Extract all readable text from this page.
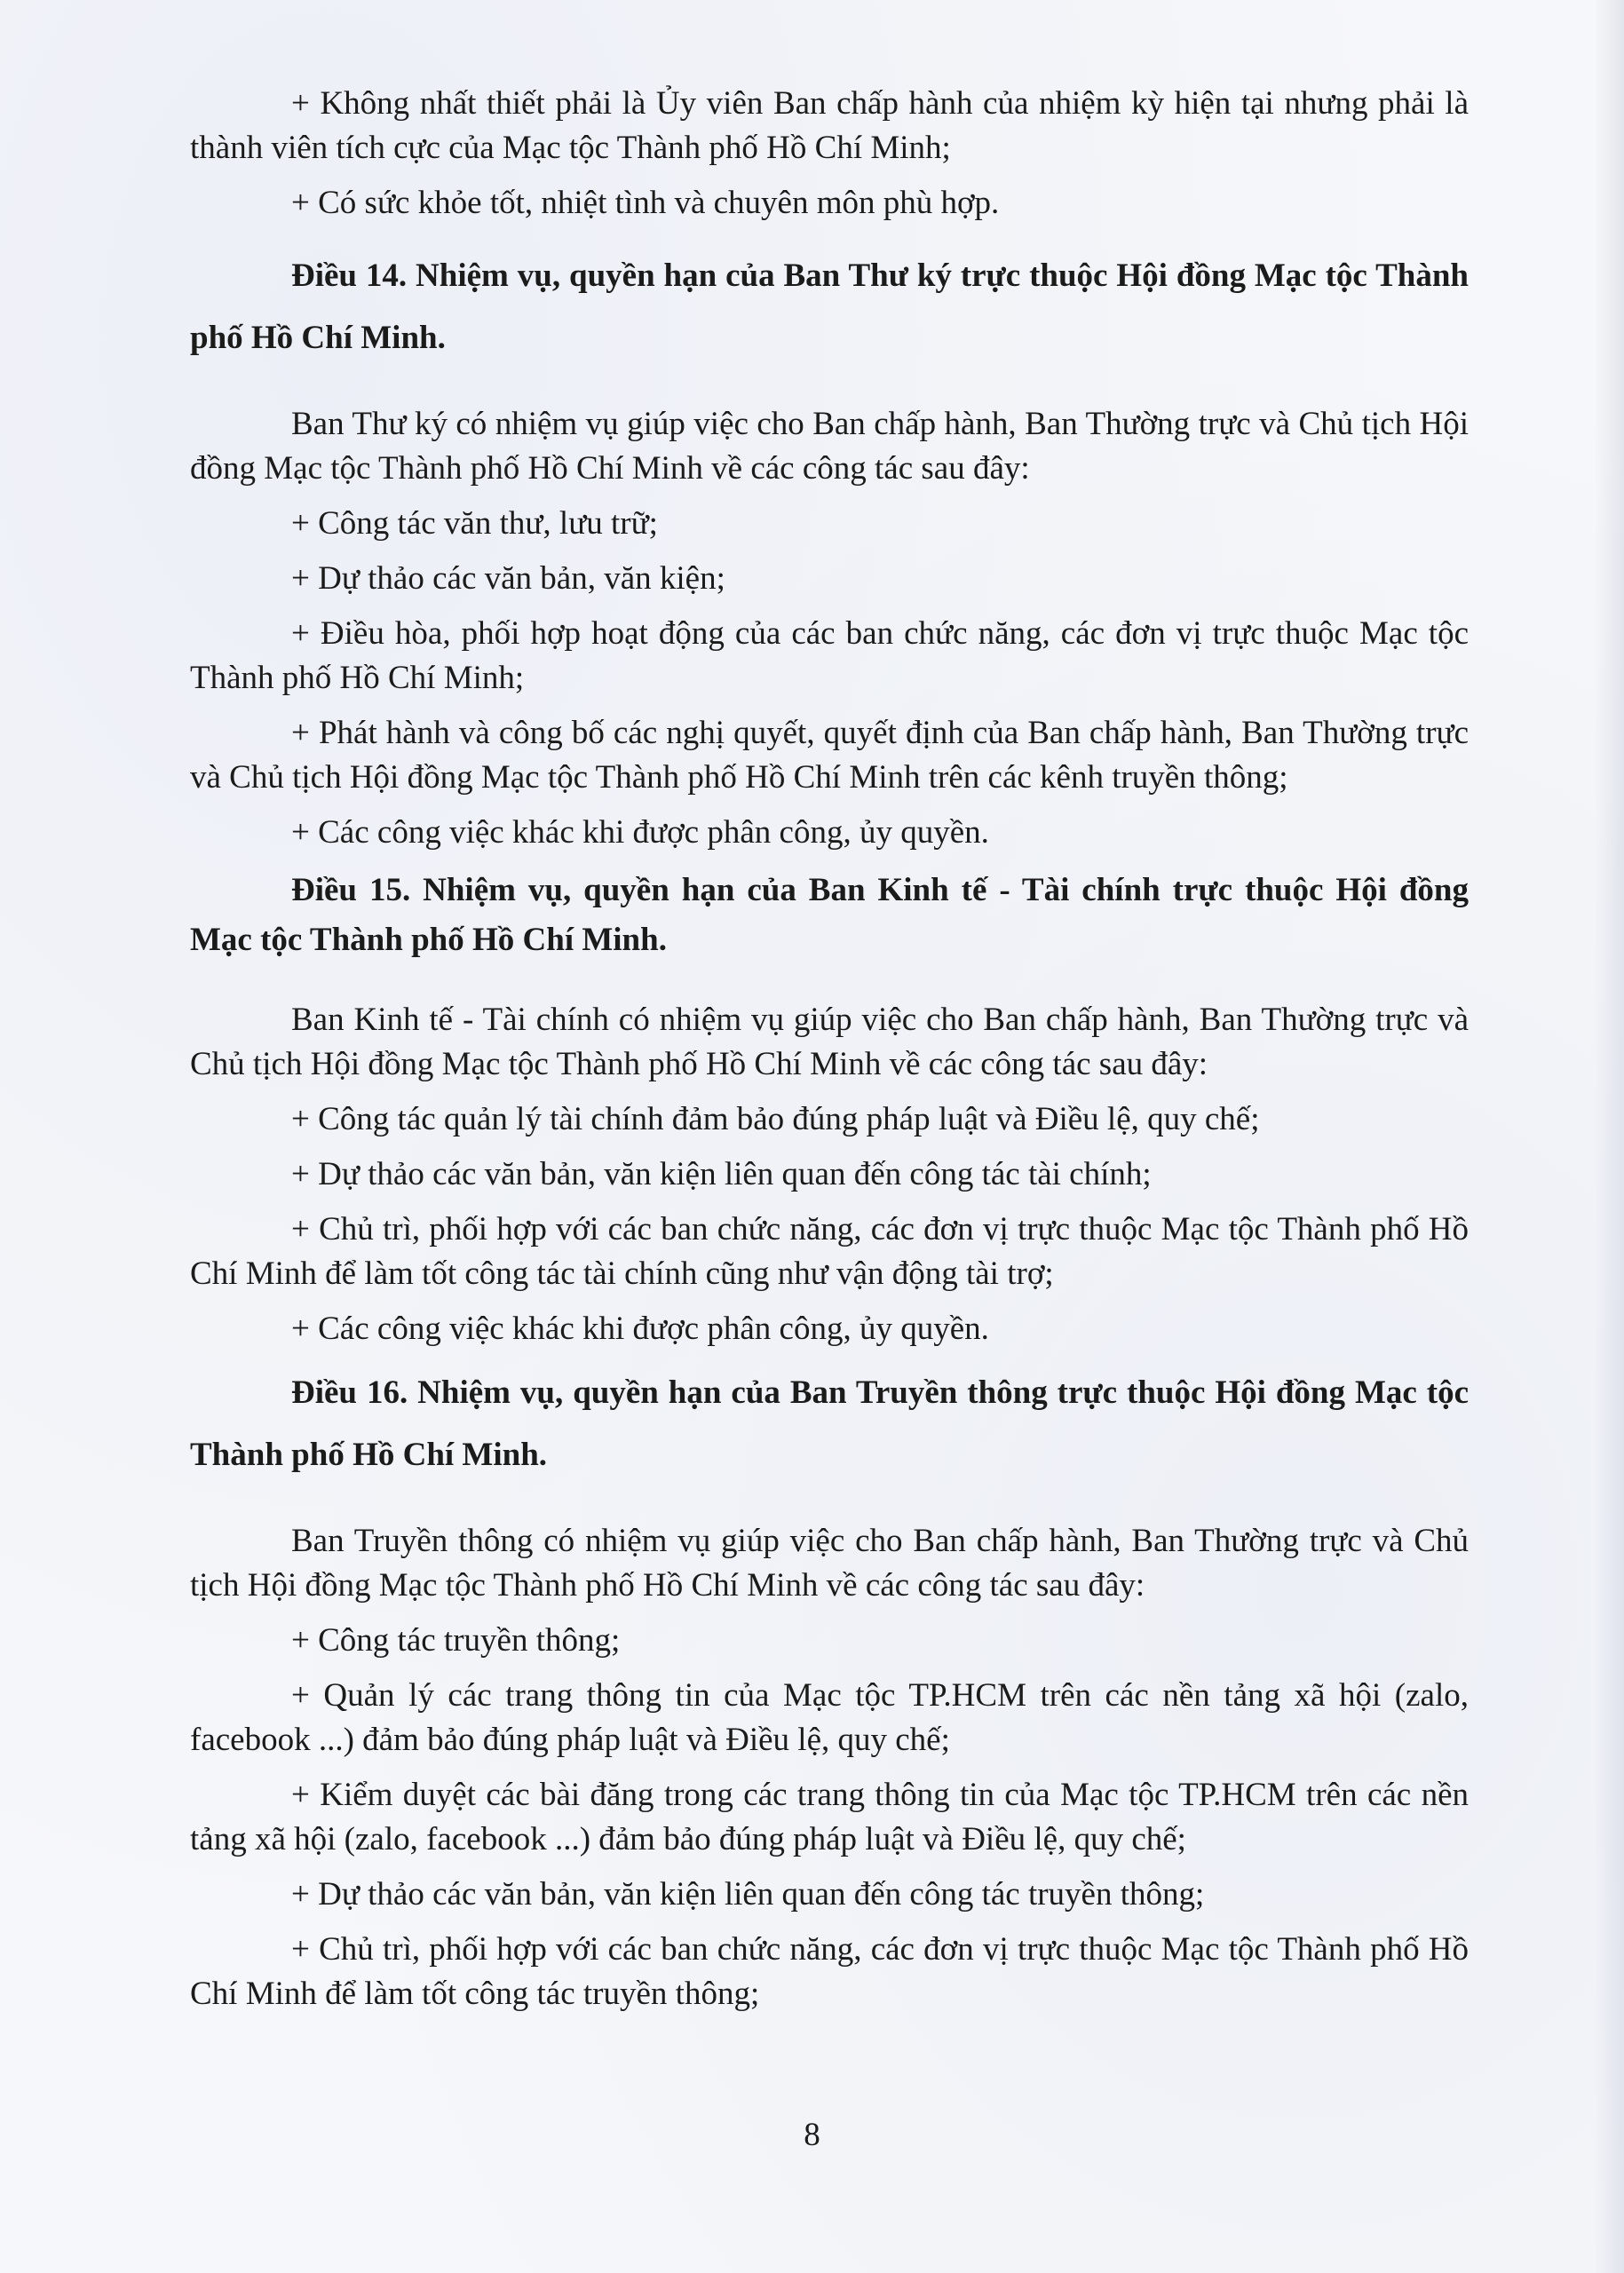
+ Không nhất thiết phải là Ủy viên Ban chấp hành của nhiệm kỳ hiện tại nhưng phải là thành viên tích cực của Mạc tộc Thành phố Hồ Chí Minh;

+ Có sức khỏe tốt, nhiệt tình và chuyên môn phù hợp.

Điều 14. Nhiệm vụ, quyền hạn của Ban Thư ký trực thuộc Hội đồng Mạc tộc Thành phố Hồ Chí Minh.

Ban Thư ký có nhiệm vụ giúp việc cho Ban chấp hành, Ban Thường trực và Chủ tịch Hội đồng Mạc tộc Thành phố Hồ Chí Minh về các công tác sau đây:

+ Công tác văn thư, lưu trữ;

+ Dự thảo các văn bản, văn kiện;

+ Điều hòa, phối hợp hoạt động của các ban chức năng, các đơn vị trực thuộc Mạc tộc Thành phố Hồ Chí Minh;

+ Phát hành và công bố các nghị quyết, quyết định của Ban chấp hành, Ban Thường trực và Chủ tịch Hội đồng Mạc tộc Thành phố Hồ Chí Minh trên các kênh truyền thông;

+ Các công việc khác khi được phân công, ủy quyền.

Điều 15. Nhiệm vụ, quyền hạn của Ban Kinh tế - Tài chính trực thuộc Hội đồng Mạc tộc Thành phố Hồ Chí Minh.

Ban Kinh tế - Tài chính có nhiệm vụ giúp việc cho Ban chấp hành, Ban Thường trực và Chủ tịch Hội đồng Mạc tộc Thành phố Hồ Chí Minh về các công tác sau đây:

+ Công tác quản lý tài chính đảm bảo đúng pháp luật và Điều lệ, quy chế;

+ Dự thảo các văn bản, văn kiện liên quan đến công tác tài chính;

+ Chủ trì, phối hợp với các ban chức năng, các đơn vị trực thuộc Mạc tộc Thành phố Hồ Chí Minh để làm tốt công tác tài chính cũng như vận động tài trợ;

+ Các công việc khác khi được phân công, ủy quyền.

Điều 16. Nhiệm vụ, quyền hạn của Ban Truyền thông trực thuộc Hội đồng Mạc tộc Thành phố Hồ Chí Minh.

Ban Truyền thông có nhiệm vụ giúp việc cho Ban chấp hành, Ban Thường trực và Chủ tịch Hội đồng Mạc tộc Thành phố Hồ Chí Minh về các công tác sau đây:

+ Công tác truyền thông;

+ Quản lý các trang thông tin của Mạc tộc TP.HCM trên các nền tảng xã hội (zalo, facebook ...) đảm bảo đúng pháp luật và Điều lệ, quy chế;

+ Kiểm duyệt các bài đăng trong các trang thông tin của Mạc tộc TP.HCM trên các nền tảng xã hội (zalo, facebook ...) đảm bảo đúng pháp luật và Điều lệ, quy chế;

+ Dự thảo các văn bản, văn kiện liên quan đến công tác truyền thông;

+ Chủ trì, phối hợp với các ban chức năng, các đơn vị trực thuộc Mạc tộc Thành phố Hồ Chí Minh để làm tốt công tác truyền thông;

8
